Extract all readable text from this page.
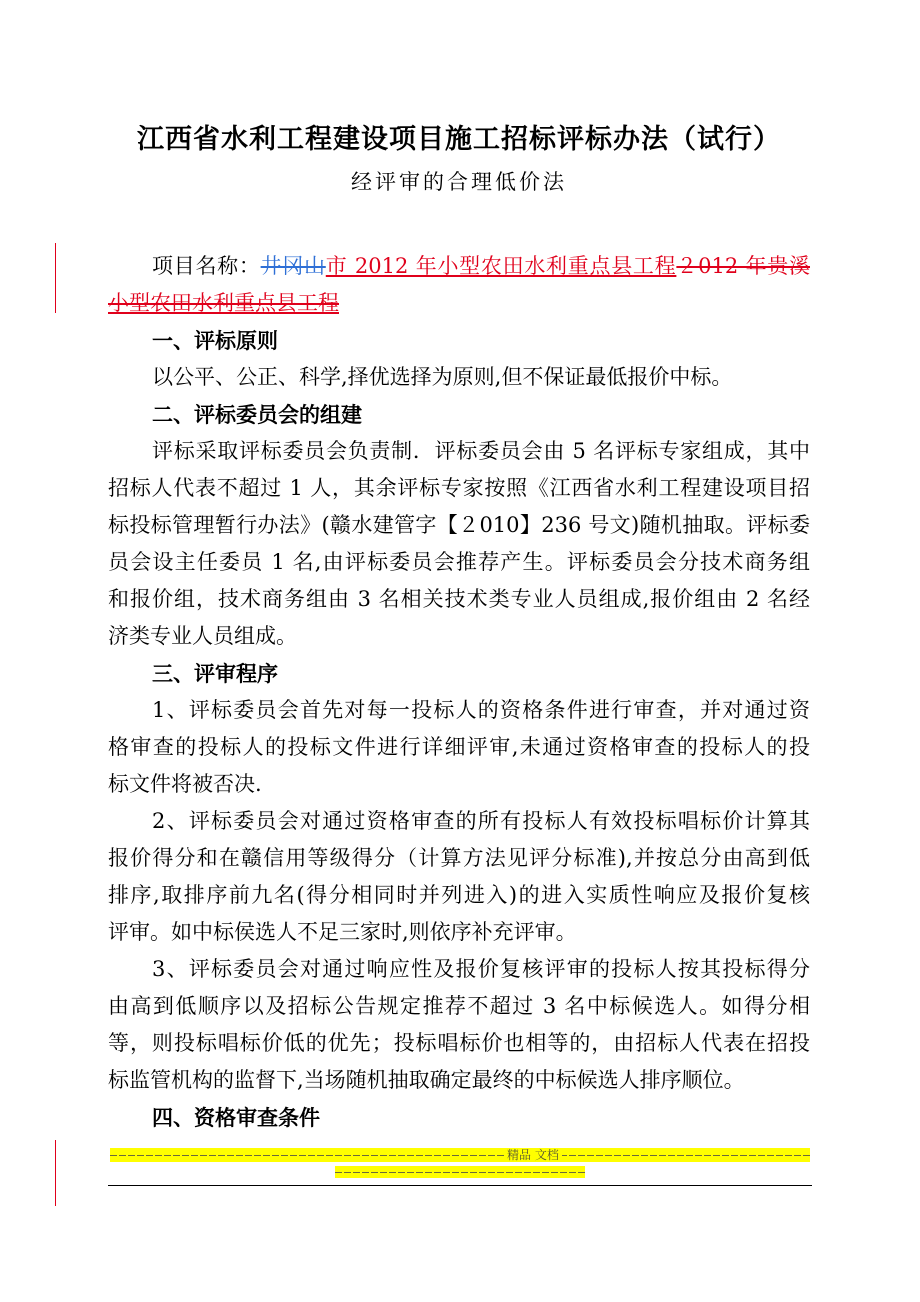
江西省水利工程建设项目施工招标评标办法（试行）
经评审的合理低价法
项目名称：井冈山市 2012 年小型农田水利重点县工程２012 年贵溪
小型农田水利重点县工程
一、评标原则
以公平、公正、科学,择优选择为原则,但不保证最低报价中标。
二、评标委员会的组建
评标采取评标委员会负责制．评标委员会由 5 名评标专家组成，其中
招标人代表不超过 1 人，其余评标专家按照《江西省水利工程建设项目招
标投标管理暂行办法》(赣水建管字【２010】236 号文)随机抽取。评标委
员会设主任委员 1 名,由评标委员会推荐产生。评标委员会分技术商务组
和报价组，技术商务组由 3 名相关技术类专业人员组成,报价组由 2 名经
济类专业人员组成。
三、评审程序
1、评标委员会首先对每一投标人的资格条件进行审查，并对通过资
格审查的投标人的投标文件进行详细评审,未通过资格审查的投标人的投
标文件将被否决.
2、评标委员会对通过资格审查的所有投标人有效投标唱标价计算其
报价得分和在赣信用等级得分（计算方法见评分标准),并按总分由高到低
排序,取排序前九名(得分相同时并列进入)的进入实质性响应及报价复核
评审。如中标侯选人不足三家时,则依序补充评审。
3、评标委员会对通过响应性及报价复核评审的投标人按其投标得分
由高到低顺序以及招标公告规定推荐不超过 3 名中标候选人。如得分相
等，则投标唱标价低的优先；投标唱标价也相等的，由招标人代表在招投
标监管机构的监督下,当场随机抽取确定最终的中标候选人排序顺位。
四、资格审查条件
精品 文档
